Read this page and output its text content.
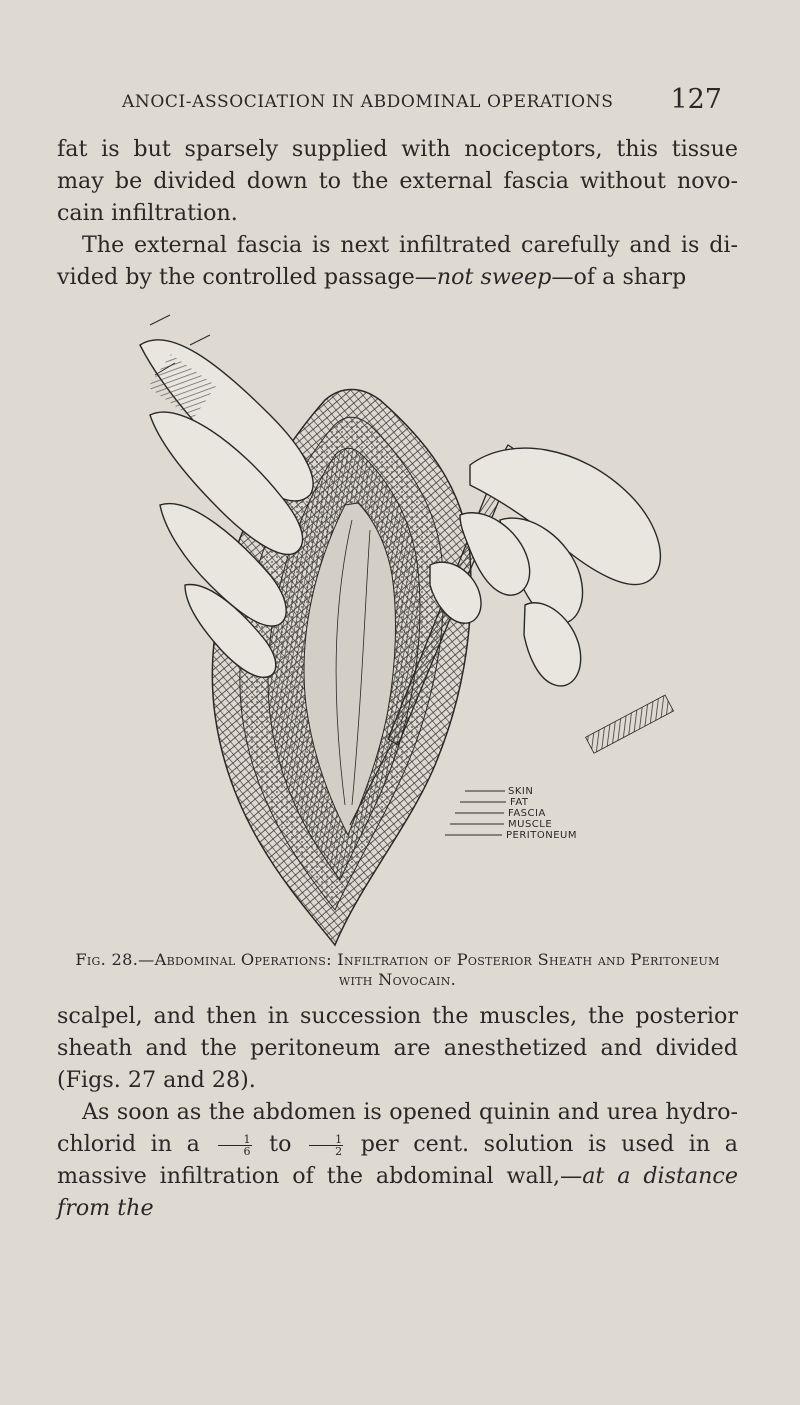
ANOCI-ASSOCIATION IN ABDOMINAL OPERATIONS 127

fat is but sparsely supplied with nociceptors, this tissue may be divided down to the external fascia without novocain infiltration.

The external fascia is next infiltrated carefully and is divided by the controlled passage—not sweep—of a sharp

SKIN
FAT
FASCIA
MUSCLE
PERITONEUM
Fig. 28.—Abdominal Operations: Infiltration of Posterior Sheath and Peritoneum with Novocain.

scalpel, and then in succession the muscles, the posterior sheath and the peritoneum are anesthetized and divided (Figs. 27 and 28).

As soon as the abdomen is opened quinin and urea hydrochlorid in a $\frac{1}{6}$ to $\frac{1}{2}$ per cent. solution is used in a massive infiltration of the abdominal wall,—at a distance from the
